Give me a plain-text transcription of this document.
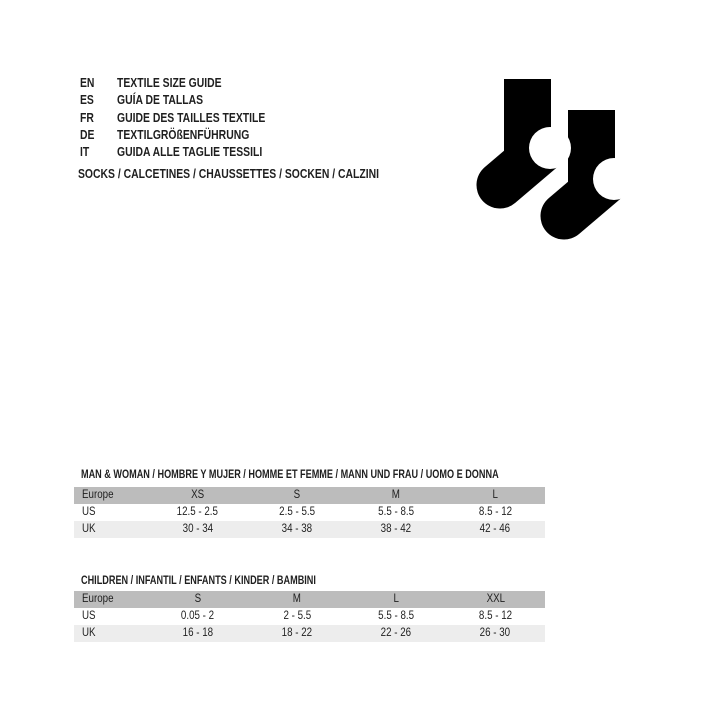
EN	TEXTILE SIZE GUIDE
ES	GUÍA DE TALLAS
FR	GUIDE DES TAILLES TEXTILE
DE	TEXTILGRÖßENFÜHRUNG
IT	GUIDA ALLE TAGLIE TESSILI
SOCKS / CALCETINES / CHAUSSETTES / SOCKEN / CALZINI
MAN & WOMAN / HOMBRE Y MUJER / HOMME ET FEMME / MANN UND FRAU / UOMO E DONNA
Europe	XS	S	M	L
US	12.5 - 2.5	2.5 - 5.5	5.5 - 8.5	8.5 - 12
UK	30 - 34	34 - 38	38 - 42	42 - 46
CHILDREN / INFANTIL / ENFANTS / KINDER / BAMBINI
Europe	S	M	L	XXL
US	0.05 - 2	2 - 5.5	5.5 - 8.5	8.5 - 12
UK	16 - 18	18 - 22	22 - 26	26 - 30
